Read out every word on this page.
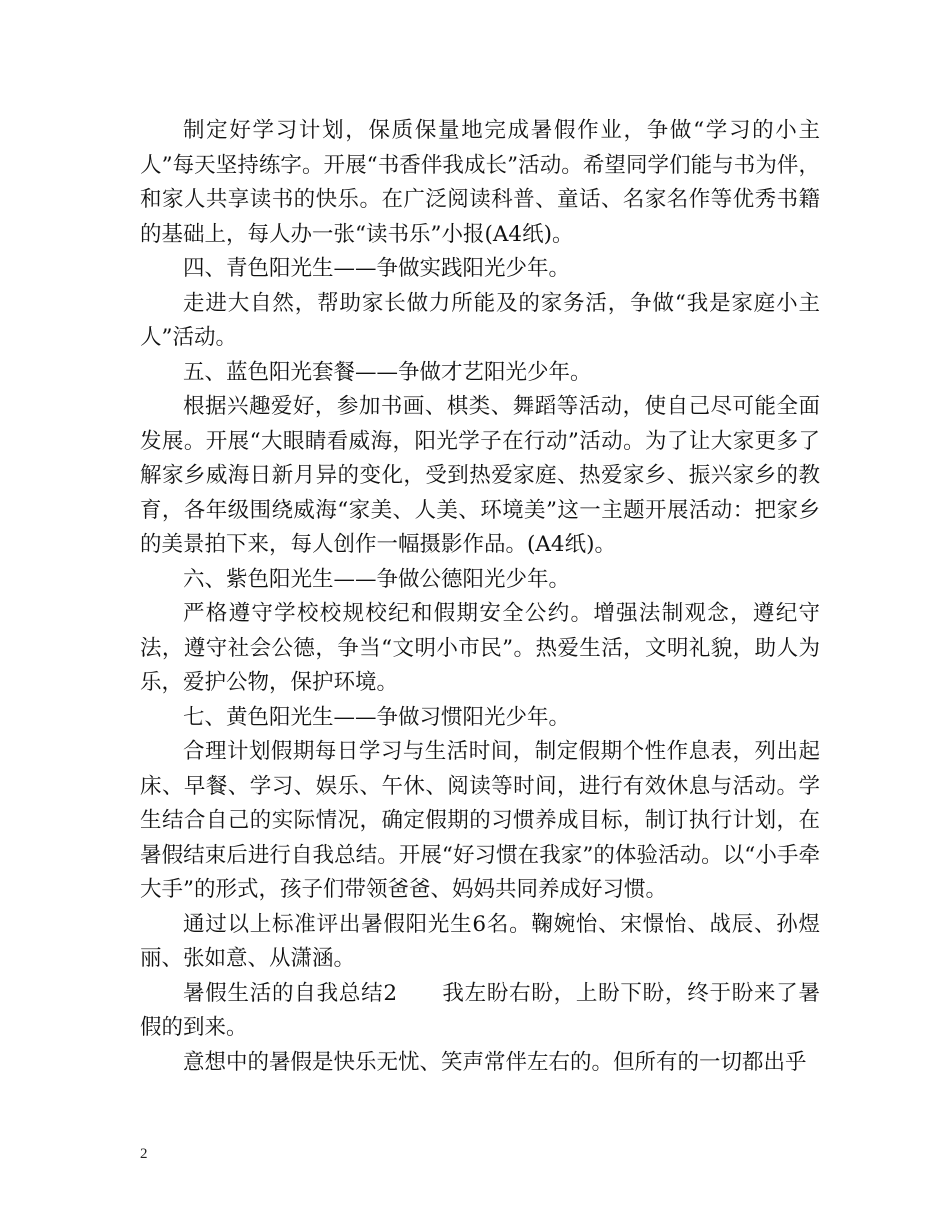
制定好学习计划，保质保量地完成暑假作业，争做“学习的小主人”每天坚持练字。开展“书香伴我成长”活动。希望同学们能与书为伴，和家人共享读书的快乐。在广泛阅读科普、童话、名家名作等优秀书籍的基础上，每人办一张“读书乐”小报(A4纸)。

四、青色阳光生——争做实践阳光少年。

走进大自然，帮助家长做力所能及的家务活，争做“我是家庭小主人”活动。

五、蓝色阳光套餐——争做才艺阳光少年。

根据兴趣爱好，参加书画、棋类、舞蹈等活动，使自己尽可能全面发展。开展“大眼睛看威海，阳光学子在行动”活动。为了让大家更多了解家乡威海日新月异的变化，受到热爱家庭、热爱家乡、振兴家乡的教育，各年级围绕威海“家美、人美、环境美”这一主题开展活动：把家乡的美景拍下来，每人创作一幅摄影作品。(A4纸)。

六、紫色阳光生——争做公德阳光少年。

严格遵守学校校规校纪和假期安全公约。增强法制观念，遵纪守法，遵守社会公德，争当“文明小市民”。热爱生活，文明礼貌，助人为乐，爱护公物，保护环境。

七、黄色阳光生——争做习惯阳光少年。

合理计划假期每日学习与生活时间，制定假期个性作息表，列出起床、早餐、学习、娱乐、午休、阅读等时间，进行有效休息与活动。学生结合自己的实际情况，确定假期的习惯养成目标，制订执行计划，在暑假结束后进行自我总结。开展“好习惯在我家”的体验活动。以“小手牵大手”的形式，孩子们带领爸爸、妈妈共同养成好习惯。

通过以上标准评出暑假阳光生6名。鞠婉怡、宋憬怡、战辰、孙煜丽、张如意、从潇涵。

暑假生活的自我总结2　　我左盼右盼，上盼下盼，终于盼来了暑假的到来。

意想中的暑假是快乐无忧、笑声常伴左右的。但所有的一切都出乎

2
